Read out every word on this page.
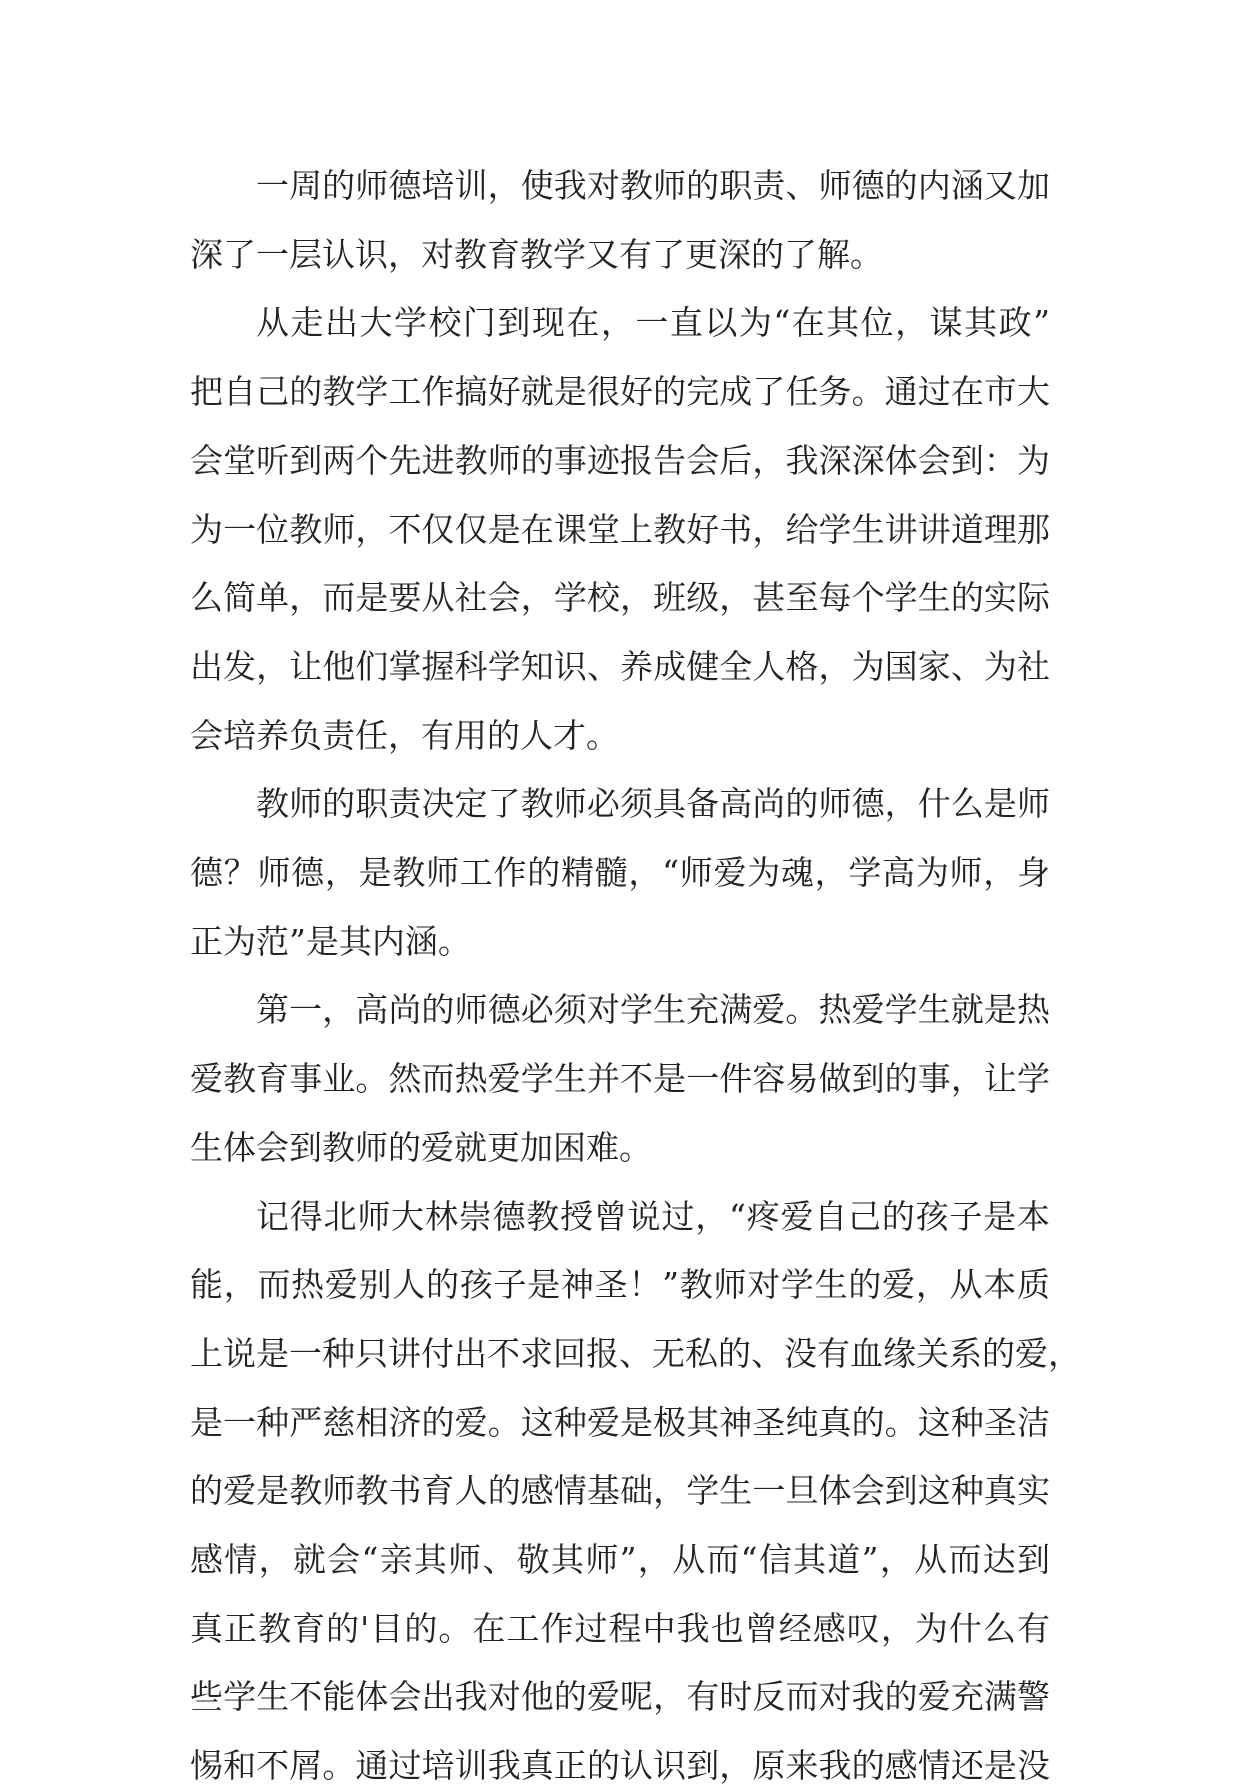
一周的师德培训，使我对教师的职责、师德的内涵又加
深了一层认识，对教育教学又有了更深的了解。
从走出大学校门到现在，一直以为“在其位，谋其政”
把自己的教学工作搞好就是很好的完成了任务。通过在市大
会堂听到两个先进教师的事迹报告会后，我深深体会到：为
为一位教师，不仅仅是在课堂上教好书，给学生讲讲道理那
么简单，而是要从社会，学校，班级，甚至每个学生的实际
出发，让他们掌握科学知识、养成健全人格，为国家、为社
会培养负责任，有用的人才。
教师的职责决定了教师必须具备高尚的师德，什么是师
德？师德，是教师工作的精髓，“师爱为魂，学高为师，身
正为范”是其内涵。
第一，高尚的师德必须对学生充满爱。热爱学生就是热
爱教育事业。然而热爱学生并不是一件容易做到的事，让学
生体会到教师的爱就更加困难。
记得北师大林崇德教授曾说过，“疼爱自己的孩子是本
能，而热爱别人的孩子是神圣！”教师对学生的爱，从本质
上说是一种只讲付出不求回报、无私的、没有血缘关系的爱，
是一种严慈相济的爱。这种爱是极其神圣纯真的。这种圣洁
的爱是教师教书育人的感情基础，学生一旦体会到这种真实
感情，就会“亲其师、敬其师”，从而“信其道”，从而达到
真正教育的'目的。在工作过程中我也曾经感叹，为什么有
些学生不能体会出我对他的爱呢，有时反而对我的爱充满警
惕和不屑。通过培训我真正的认识到，原来我的感情还是没
